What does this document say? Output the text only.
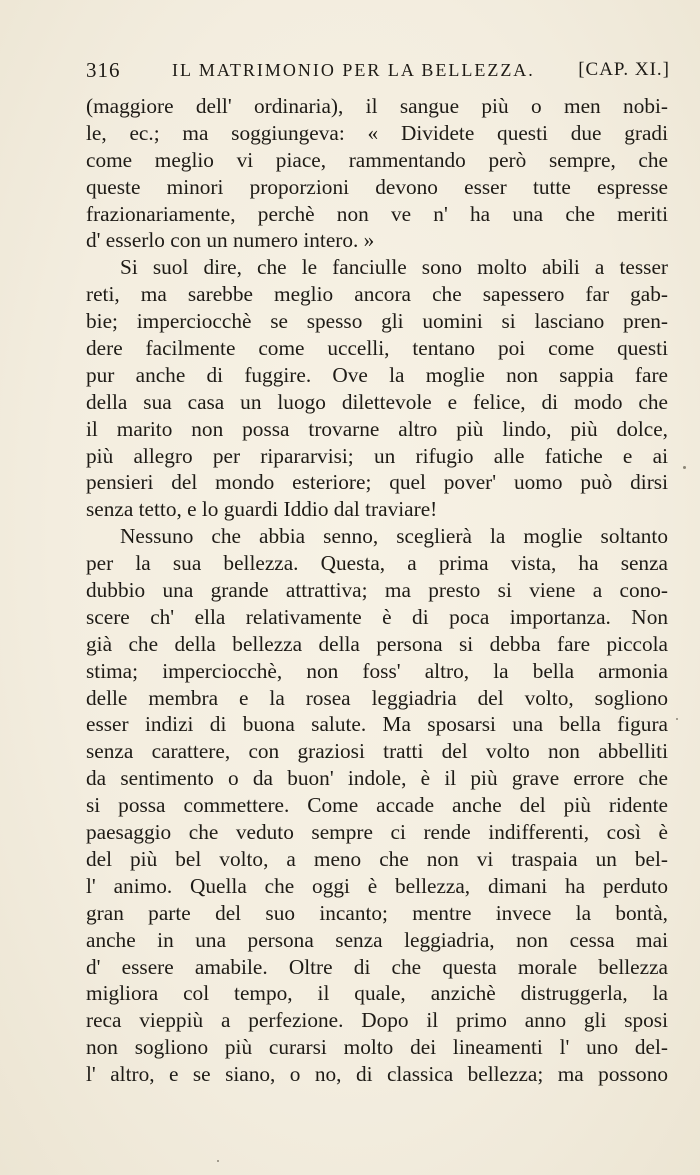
316	IL MATRIMONIO PER LA BELLEZZA. [CAP. XI.]
(maggiore dell' ordinaria), il sangue più o men nobi-
le, ec.; ma soggiungeva: « Dividete questi due gradi
come meglio vi piace, rammentando però sempre, che
queste minori proporzioni devono esser tutte espresse
frazionariamente, perchè non ve n' ha una che meriti
d' esserlo con un numero intero. »
Si suol dire, che le fanciulle sono molto abili a tesser
reti, ma sarebbe meglio ancora che sapessero far gab-
bie; imperciocchè se spesso gli uomini si lasciano pren-
dere facilmente come uccelli, tentano poi come questi
pur anche di fuggire. Ove la moglie non sappia fare
della sua casa un luogo dilettevole e felice, di modo che
il marito non possa trovarne altro più lindo, più dolce,
più allegro per ripararvisi; un rifugio alle fatiche e ai
pensieri del mondo esteriore; quel pover' uomo può dirsi
senza tetto, e lo guardi Iddio dal traviare!
Nessuno che abbia senno, sceglierà la moglie soltanto
per la sua bellezza. Questa, a prima vista, ha senza
dubbio una grande attrattiva; ma presto si viene a cono-
scere ch' ella relativamente è di poca importanza. Non
già che della bellezza della persona si debba fare piccola
stima; imperciocchè, non foss' altro, la bella armonia
delle membra e la rosea leggiadria del volto, sogliono
esser indizi di buona salute. Ma sposarsi una bella figura
senza carattere, con graziosi tratti del volto non abbelliti
da sentimento o da buon' indole, è il più grave errore che
si possa commettere. Come accade anche del più ridente
paesaggio che veduto sempre ci rende indifferenti, così è
del più bel volto, a meno che non vi traspaia un bel-
l' animo. Quella che oggi è bellezza, dimani ha perduto
gran parte del suo incanto; mentre invece la bontà,
anche in una persona senza leggiadria, non cessa mai
d' essere amabile. Oltre di che questa morale bellezza
migliora col tempo, il quale, anzichè distruggerla, la
reca vieppiù a perfezione. Dopo il primo anno gli sposi
non sogliono più curarsi molto dei lineamenti l' uno del-
l' altro, e se siano, o no, di classica bellezza; ma possono
